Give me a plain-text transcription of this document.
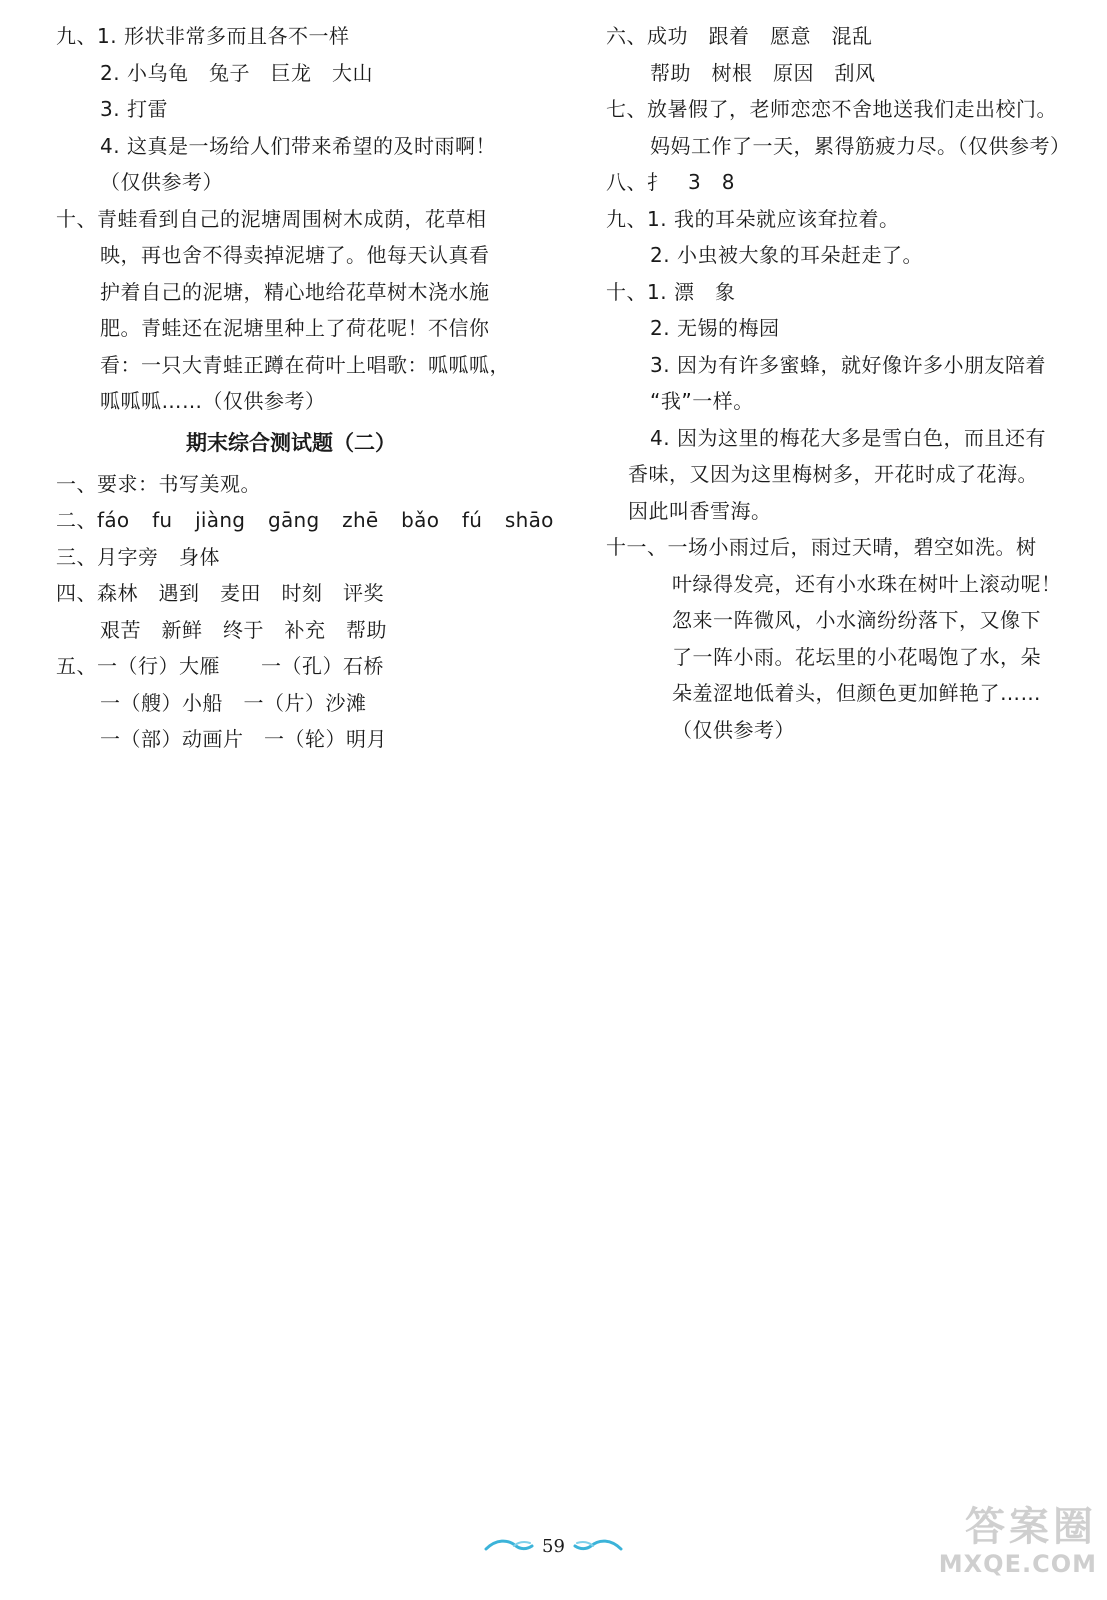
九、1. 形状非常多而且各不一样
2. 小乌龟　兔子　巨龙　大山
3. 打雷
4. 这真是一场给人们带来希望的及时雨啊！
（仅供参考）
十、青蛙看到自己的泥塘周围树木成荫，花草相
映，再也舍不得卖掉泥塘了。他每天认真看
护着自己的泥塘，精心地给花草树木浇水施
肥。青蛙还在泥塘里种上了荷花呢！不信你
看：一只大青蛙正蹲在荷叶上唱歌：呱呱呱，
呱呱呱……（仅供参考）
期末综合测试题（二）
一、要求：书写美观。
二、fáo fu jiàng gāng zhē bǎo fú shāo
三、月字旁　身体
四、森林　遇到　麦田　时刻　评奖
艰苦　新鲜　终于　补充　帮助
五、一（行）大雁　　一（孔）石桥
一（艘）小船　一（片）沙滩
一（部）动画片　一（轮）明月
六、成功　跟着　愿意　混乱
帮助　树根　原因　刮风
七、放暑假了，老师恋恋不舍地送我们走出校门。
妈妈工作了一天，累得筋疲力尽。（仅供参考）
八、扌　3　8
九、1. 我的耳朵就应该耷拉着。
2. 小虫被大象的耳朵赶走了。
十、1. 漂　象
2. 无锡的梅园
3. 因为有许多蜜蜂，就好像许多小朋友陪着
“我”一样。
4. 因为这里的梅花大多是雪白色，而且还有
香味，又因为这里梅树多，开花时成了花海。
因此叫香雪海。
十一、一场小雨过后，雨过天晴，碧空如洗。树
叶绿得发亮，还有小水珠在树叶上滚动呢！
忽来一阵微风，小水滴纷纷落下，又像下
了一阵小雨。花坛里的小花喝饱了水，朵
朵羞涩地低着头，但颜色更加鲜艳了……
（仅供参考）
59	答案圈
MXQE.COM
